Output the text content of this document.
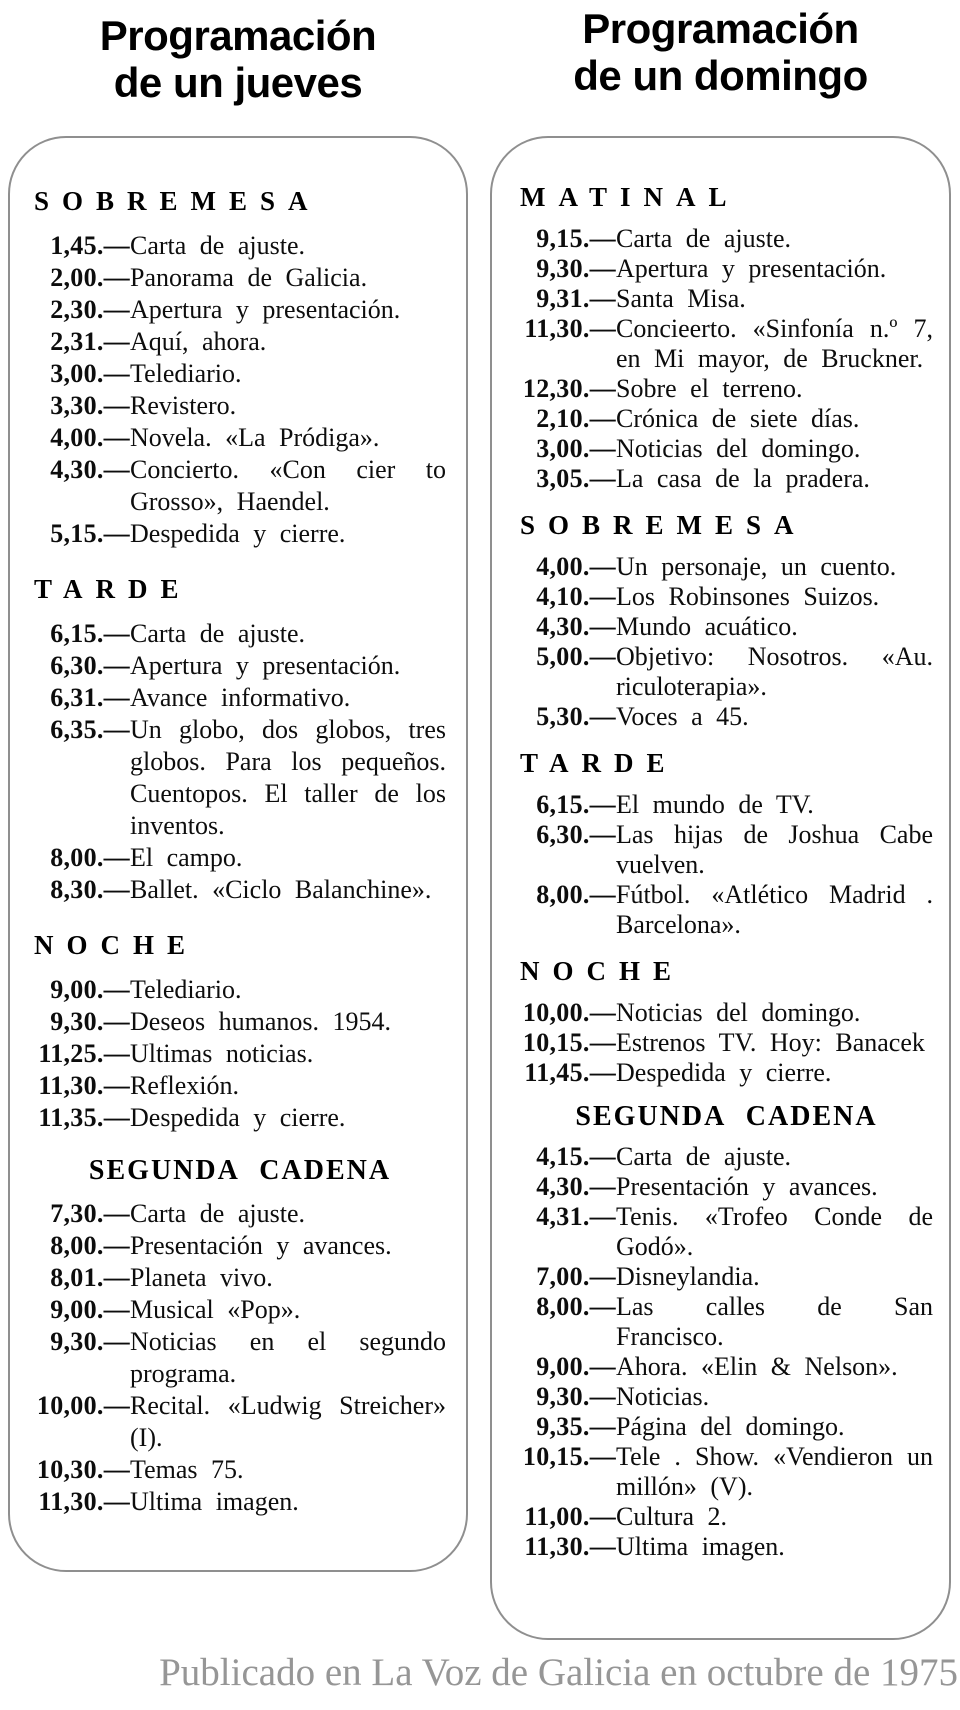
Programación
de un jueves
SOBREMESA
1,45.—Carta de ajuste.
2,00.—Panorama de Galicia.
2,30.—Apertura y presentación.
2,31.—Aquí, ahora.
3,00.—Telediario.
3,30.—Revistero.
4,00.—Novela. «La Pródiga».
4,30.—Concierto. «Con cier to Grosso», Haendel.
5,15.—Despedida y cierre.
TARDE
6,15.—Carta de ajuste.
6,30.—Apertura y presentación.
6,31.—Avance informativo.
6,35.—Un globo, dos globos, tres globos. Para los pequeños. Cuentopos. El taller de los inventos.
8,00.—El campo.
8,30.—Ballet. «Ciclo Balanchine».
NOCHE
9,00.—Telediario.
9,30.—Deseos humanos. 1954.
11,25.—Ultimas noticias.
11,30.—Reflexión.
11,35.—Despedida y cierre.
SEGUNDA CADENA
7,30.—Carta de ajuste.
8,00.—Presentación y avances.
8,01.—Planeta vivo.
9,00.—Musical «Pop».
9,30.—Noticias en el segundo programa.
10,00.—Recital. «Ludwig Streicher» (I).
10,30.—Temas 75.
11,30.—Ultima imagen.
Programación
de un domingo
MATINAL
9,15.—Carta de ajuste.
9,30.—Apertura y presentación.
9,31.—Santa Misa.
11,30.—Concieerto. «Sinfonía n.º 7, en Mi mayor, de Bruckner.
12,30.—Sobre el terreno.
2,10.—Crónica de siete días.
3,00.—Noticias del domingo.
3,05.—La casa de la pradera.
SOBREMESA
4,00.—Un personaje, un cuento.
4,10.—Los Robinsones Suizos.
4,30.—Mundo acuático.
5,00.—Objetivo: Nosotros. «Au. riculoterapia».
5,30.—Voces a 45.
TARDE
6,15.—El mundo de TV.
6,30.—Las hijas de Joshua Cabe vuelven.
8,00.—Fútbol. «Atlético Madrid . Barcelona».
NOCHE
10,00.—Noticias del domingo.
10,15.—Estrenos TV. Hoy: Banacek
11,45.—Despedida y cierre.
SEGUNDA CADENA
4,15.—Carta de ajuste.
4,30.—Presentación y avances.
4,31.—Tenis. «Trofeo Conde de Godó».
7,00.—Disneylandia.
8,00.—Las calles de San Francisco.
9,00.—Ahora. «Elin & Nelson».
9,30.—Noticias.
9,35.—Página del domingo.
10,15.—Tele . Show. «Vendieron un millón» (V).
11,00.—Cultura 2.
11,30.—Ultima imagen.
Publicado en La Voz de Galicia en octubre de 1975
